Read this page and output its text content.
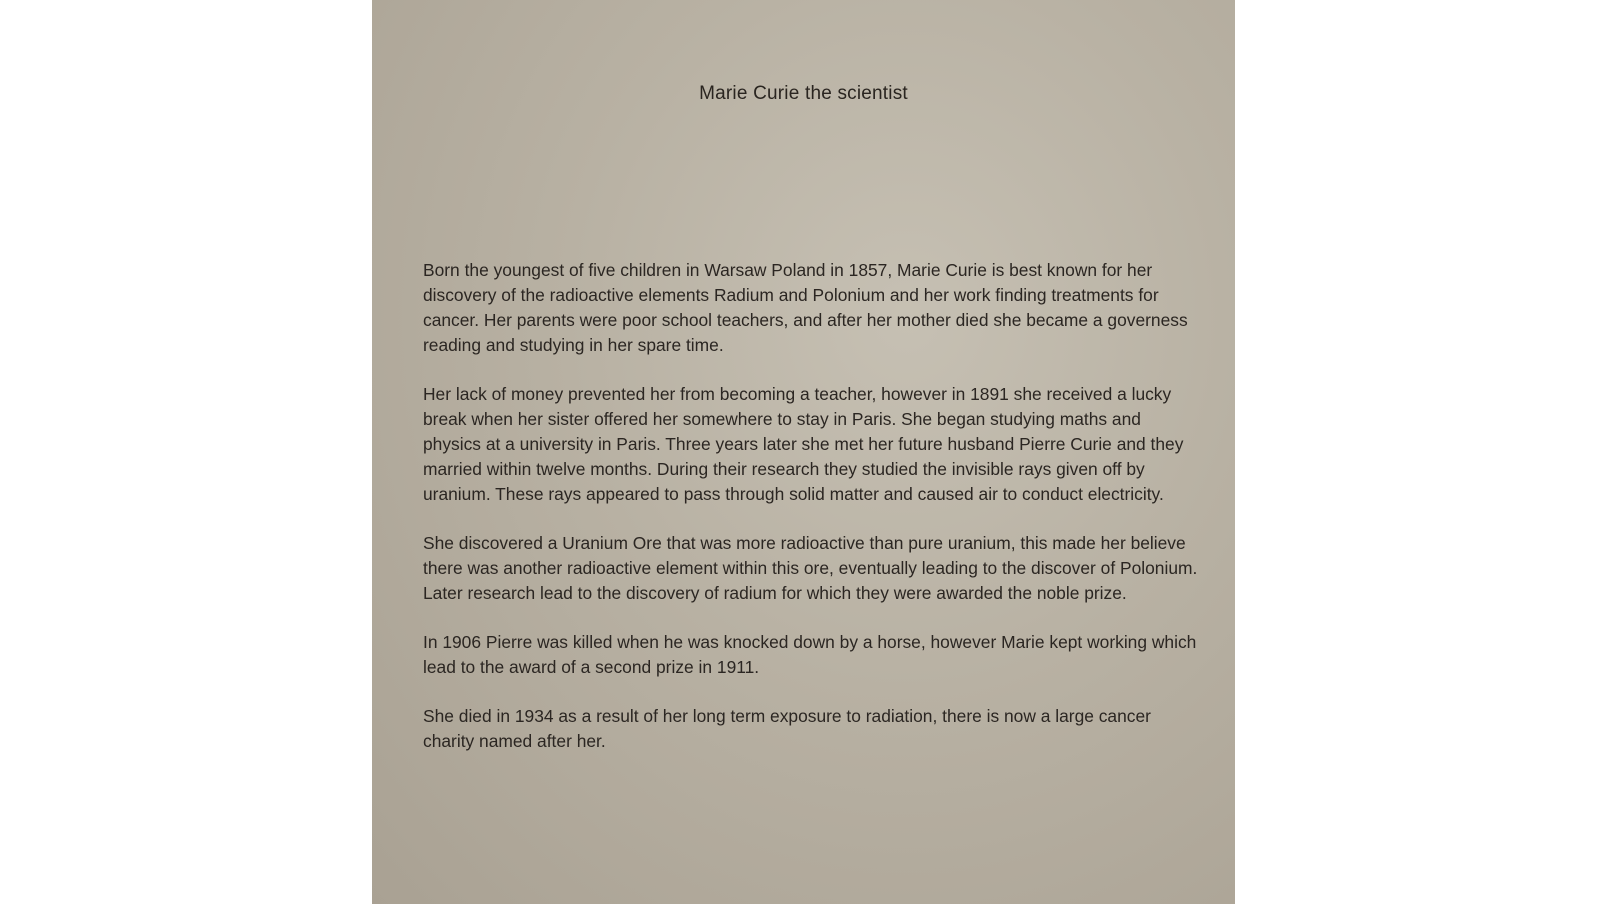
Marie Curie the scientist

Born the youngest of five children in Warsaw Poland in 1857, Marie Curie is best known for her discovery of the radioactive elements Radium and Polonium and her work finding treatments for cancer. Her parents were poor school teachers, and after her mother died she became a governess reading and studying in her spare time.

Her lack of money prevented her from becoming a teacher, however in 1891 she received a lucky break when her sister offered her somewhere to stay in Paris. She began studying maths and physics at a university in Paris. Three years later she met her future husband Pierre Curie and they married within twelve months. During their research they studied the invisible rays given off by uranium. These rays appeared to pass through solid matter and caused air to conduct electricity.

She discovered a Uranium Ore that was more radioactive than pure uranium, this made her believe there was another radioactive element within this ore, eventually leading to the discover of Polonium. Later research lead to the discovery of radium for which they were awarded the noble prize.

In 1906 Pierre was killed when he was knocked down by a horse, however Marie kept working which lead to the award of a second prize in 1911.

She died in 1934 as a result of her long term exposure to radiation, there is now a large cancer charity named after her.
